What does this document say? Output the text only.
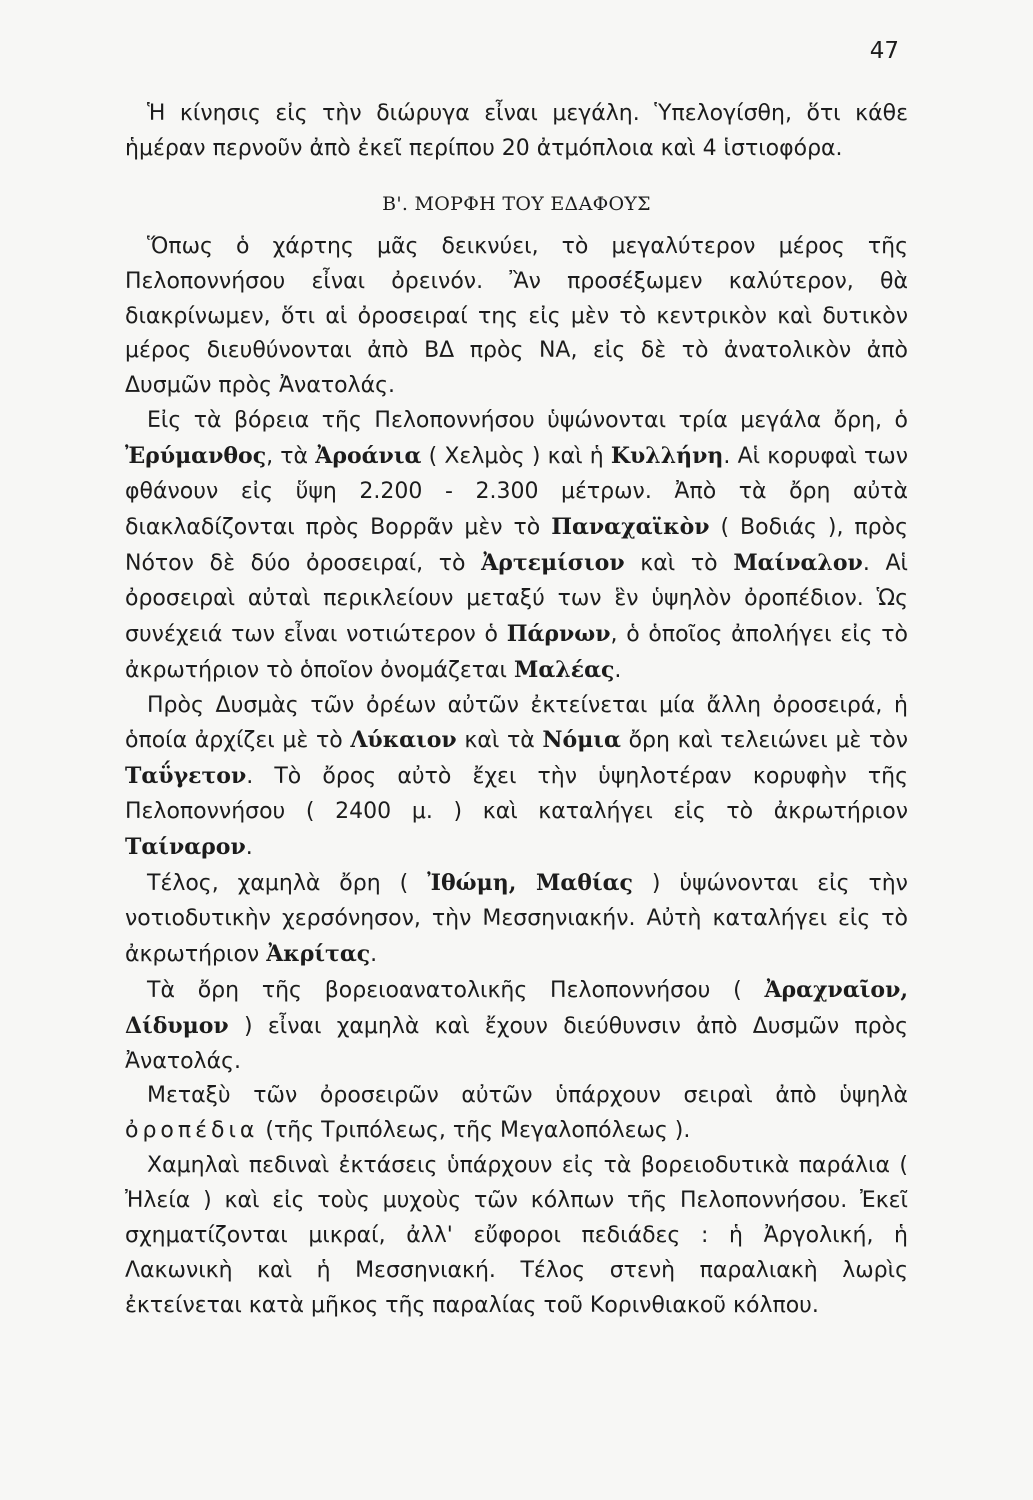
47

Ἡ κίνησις εἰς τὴν διώρυγα εἶναι μεγάλη. Ὑπελογίσθη, ὅτι κάθε ἡμέραν περνοῦν ἀπὸ ἐκεῖ περίπου 20 ἀτμόπλοια καὶ 4 ἱστιοφόρα.

Β'. ΜΟΡΦΗ ΤΟΥ ΕΔΑΦΟΥΣ

Ὅπως ὁ χάρτης μᾶς δεικνύει, τὸ μεγαλύτερον μέρος τῆς Πελοποννήσου εἶναι ὀρεινόν. Ἂν προσέξωμεν καλύτερον, θὰ διακρίνωμεν, ὅτι αἱ ὀροσειραί της εἰς μὲν τὸ κεντρικὸν καὶ δυτικὸν μέρος διευθύνονται ἀπὸ ΒΔ πρὸς ΝΑ, εἰς δὲ τὸ ἀνατολικὸν ἀπὸ Δυσμῶν πρὸς Ἀνατολάς.

Εἰς τὰ βόρεια τῆς Πελοποννήσου ὑψώνονται τρία μεγάλα ὄρη, ὁ Ἐρύμανθος, τὰ Ἀροάνια ( Χελμὸς ) καὶ ἡ Κυλλήνη. Αἱ κορυφαὶ των φθάνουν εἰς ὕψη 2.200 - 2.300 μέτρων. Ἀπὸ τὰ ὄρη αὐτὰ διακλαδίζονται πρὸς Βορρᾶν μὲν τὸ Παναχαϊκὸν ( Βοδιάς ), πρὸς Νότον δὲ δύο ὀροσειραί, τὸ Ἀρτεμίσιον καὶ τὸ Μαίναλον. Αἱ ὀροσειραὶ αὐταὶ περικλείουν μεταξύ των ἓν ὑψηλὸν ὀροπέδιον. Ὡς συνέχειά των εἶναι νοτιώτερον ὁ Πάρνων, ὁ ὁποῖος ἀπολήγει εἰς τὸ ἀκρωτήριον τὸ ὁποῖον ὀνομάζεται Μαλέας.

Πρὸς Δυσμὰς τῶν ὀρέων αὐτῶν ἐκτείνεται μία ἄλλη ὀροσειρά, ἡ ὁποία ἀρχίζει μὲ τὸ Λύκαιον καὶ τὰ Νόμια ὄρη καὶ τελειώνει μὲ τὸν Ταΰγετον. Τὸ ὄρος αὐτὸ ἔχει τὴν ὑψηλοτέραν κορυφὴν τῆς Πελοποννήσου ( 2400 μ. ) καὶ καταλήγει εἰς τὸ ἀκρωτήριον Ταίναρον.

Τέλος, χαμηλὰ ὄρη ( Ἰθώμη, Μαθίας ) ὑψώνονται εἰς τὴν νοτιοδυτικὴν χερσόνησον, τὴν Μεσσηνιακήν. Αὐτὴ καταλήγει εἰς τὸ ἀκρωτήριον Ἀκρίτας.

Τὰ ὄρη τῆς βορειοανατολικῆς Πελοποννήσου ( Ἀραχναῖον, Δίδυμον ) εἶναι χαμηλὰ καὶ ἔχουν διεύθυνσιν ἀπὸ Δυσμῶν πρὸς Ἀνατολάς.

Μεταξὺ τῶν ὀροσειρῶν αὐτῶν ὑπάρχουν σειραὶ ἀπὸ ὑψηλὰ ὀροπέδια (τῆς Τριπόλεως, τῆς Μεγαλοπόλεως ).

Χαμηλαὶ πεδιναὶ ἐκτάσεις ὑπάρχουν εἰς τὰ βορειοδυτικὰ παράλια ( Ἠλεία ) καὶ εἰς τοὺς μυχοὺς τῶν κόλπων τῆς Πελοποννήσου. Ἐκεῖ σχηματίζονται μικραί, ἀλλ' εὔφοροι πεδιάδες : ἡ Ἀργολική, ἡ Λακωνικὴ καὶ ἡ Μεσσηνιακή. Τέλος στενὴ παραλιακὴ λωρὶς ἐκτείνεται κατὰ μῆκος τῆς παραλίας τοῦ Κορινθιακοῦ κόλπου.
